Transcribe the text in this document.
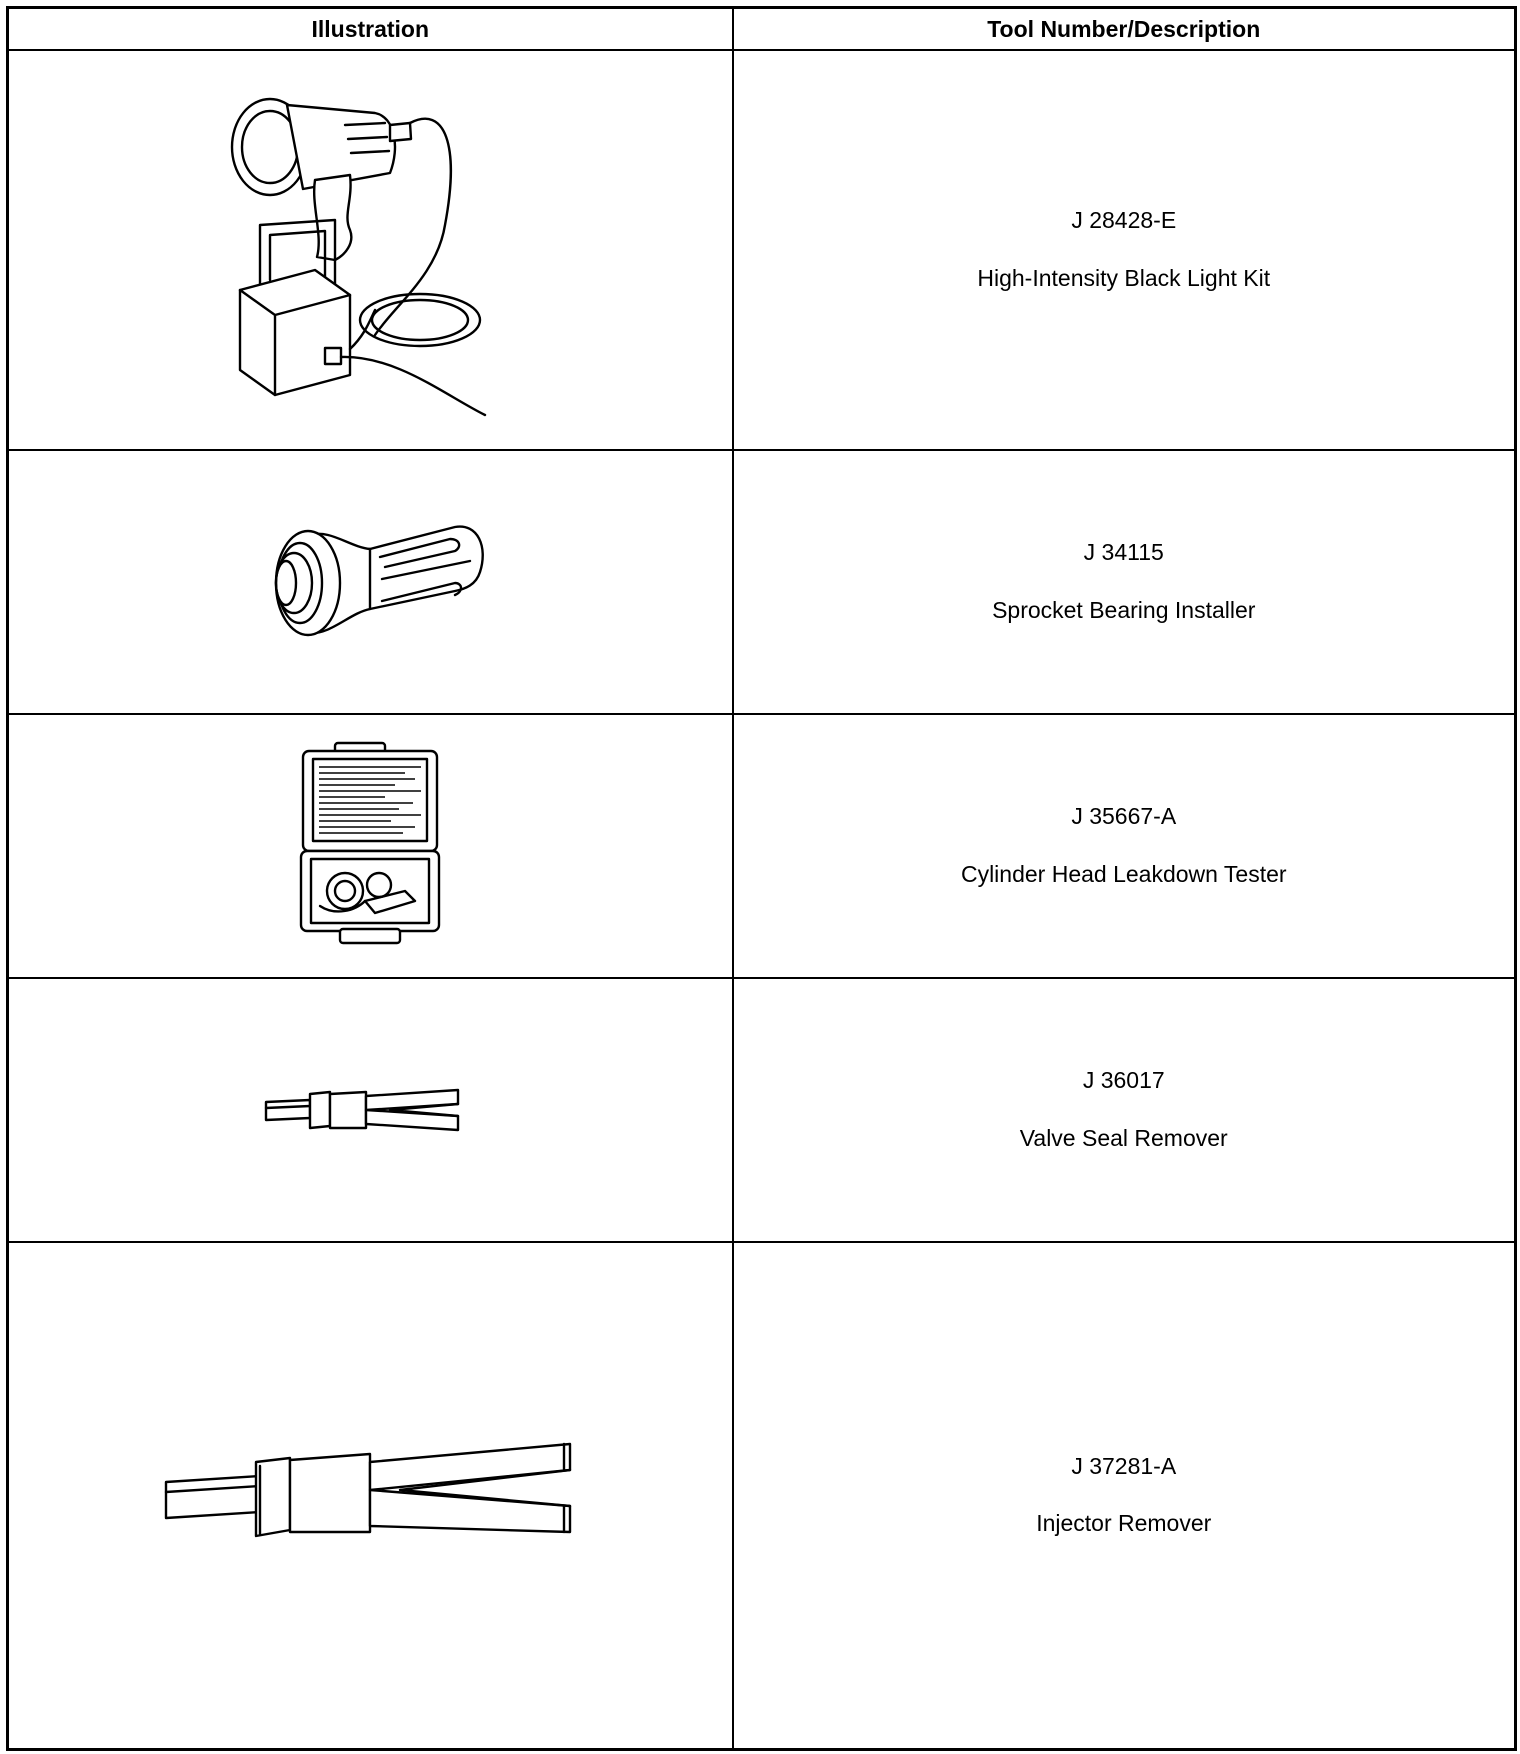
Illustration	Tool Number/Description

J 28428-E
High-Intensity Black Light Kit

J 34115
Sprocket Bearing Installer

J 35667-A
Cylinder Head Leakdown Tester

J 36017
Valve Seal Remover

J 37281-A
Injector Remover
